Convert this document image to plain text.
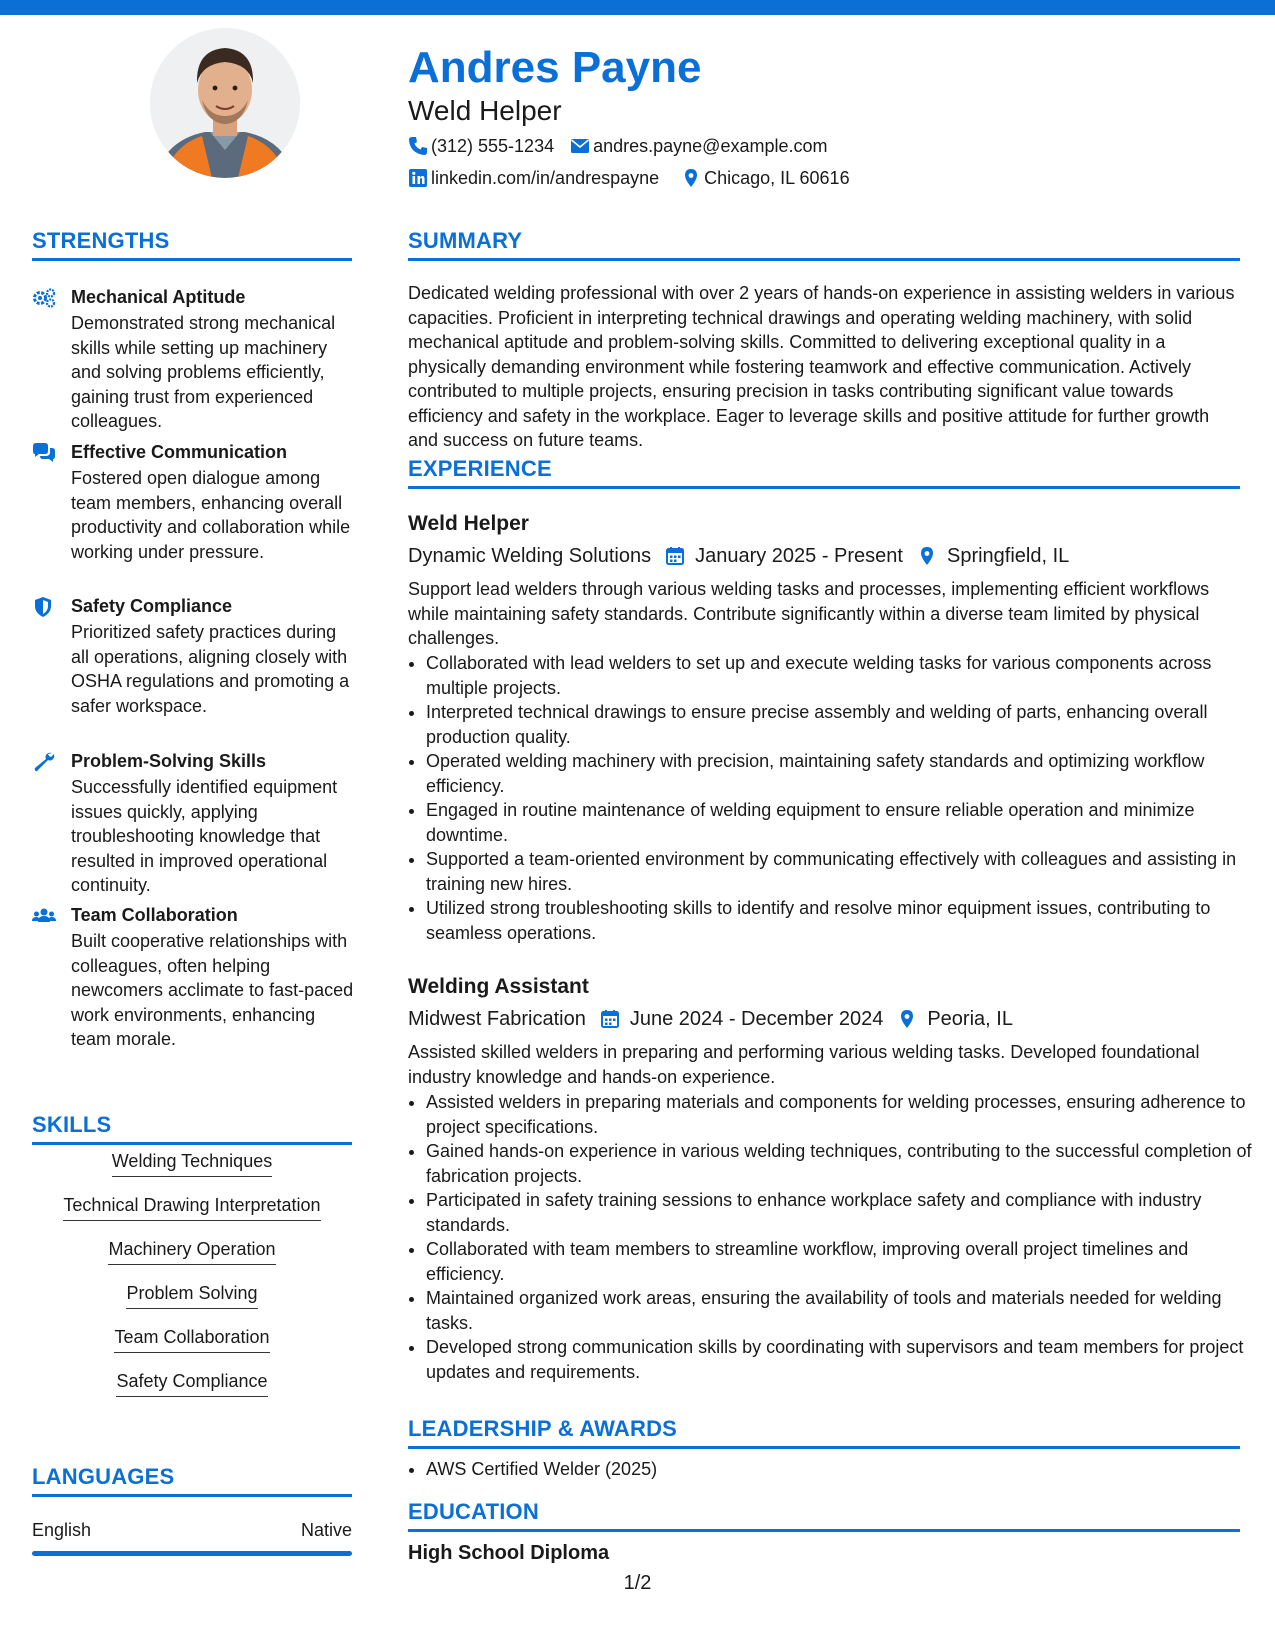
STRENGTHS
Mechanical Aptitude
Demonstrated strong mechanical skills while setting up machinery and solving problems efficiently, gaining trust from experienced colleagues.
Effective Communication
Fostered open dialogue among team members, enhancing overall productivity and collaboration while working under pressure.
Safety Compliance
Prioritized safety practices during all operations, aligning closely with OSHA regulations and promoting a safer workspace.
Problem-Solving Skills
Successfully identified equipment issues quickly, applying troubleshooting knowledge that resulted in improved operational continuity.
Team Collaboration
Built cooperative relationships with colleagues, often helping newcomers acclimate to fast-paced work environments, enhancing team morale.
SKILLS
Welding Techniques
Technical Drawing Interpretation
Machinery Operation
Problem Solving
Team Collaboration
Safety Compliance
LANGUAGES
English	Native
Andres Payne
Weld Helper
(312) 555-1234 andres.payne@example.com
linkedin.com/in/andrespayne	Chicago, IL 60616
SUMMARY
Dedicated welding professional with over 2 years of hands-on experience in assisting welders in various capacities. Proficient in interpreting technical drawings and operating welding machinery, with solid mechanical aptitude and problem-solving skills. Committed to delivering exceptional quality in a physically demanding environment while fostering teamwork and effective communication. Actively contributed to multiple projects, ensuring precision in tasks contributing significant value towards efficiency and safety in the workplace. Eager to leverage skills and positive attitude for further growth and success on future teams.
EXPERIENCE
Weld Helper
Dynamic Welding Solutions January 2025 - Present Springfield, IL
Support lead welders through various welding tasks and processes, implementing efficient workflows while maintaining safety standards. Contribute significantly within a diverse team limited by physical challenges.
• Collaborated with lead welders to set up and execute welding tasks for various components across multiple projects.
• Interpreted technical drawings to ensure precise assembly and welding of parts, enhancing overall production quality.
• Operated welding machinery with precision, maintaining safety standards and optimizing workflow efficiency.
• Engaged in routine maintenance of welding equipment to ensure reliable operation and minimize downtime.
• Supported a team-oriented environment by communicating effectively with colleagues and assisting in training new hires.
• Utilized strong troubleshooting skills to identify and resolve minor equipment issues, contributing to seamless operations.
Welding Assistant
Midwest Fabrication June 2024 - December 2024 Peoria, IL
Assisted skilled welders in preparing and performing various welding tasks. Developed foundational industry knowledge and hands-on experience.
• Assisted welders in preparing materials and components for welding processes, ensuring adherence to project specifications.
• Gained hands-on experience in various welding techniques, contributing to the successful completion of fabrication projects.
• Participated in safety training sessions to enhance workplace safety and compliance with industry standards.
• Collaborated with team members to streamline workflow, improving overall project timelines and efficiency.
• Maintained organized work areas, ensuring the availability of tools and materials needed for welding tasks.
• Developed strong communication skills by coordinating with supervisors and team members for project updates and requirements.
LEADERSHIP & AWARDS
• AWS Certified Welder (2025)
EDUCATION
High School Diploma
1/2
